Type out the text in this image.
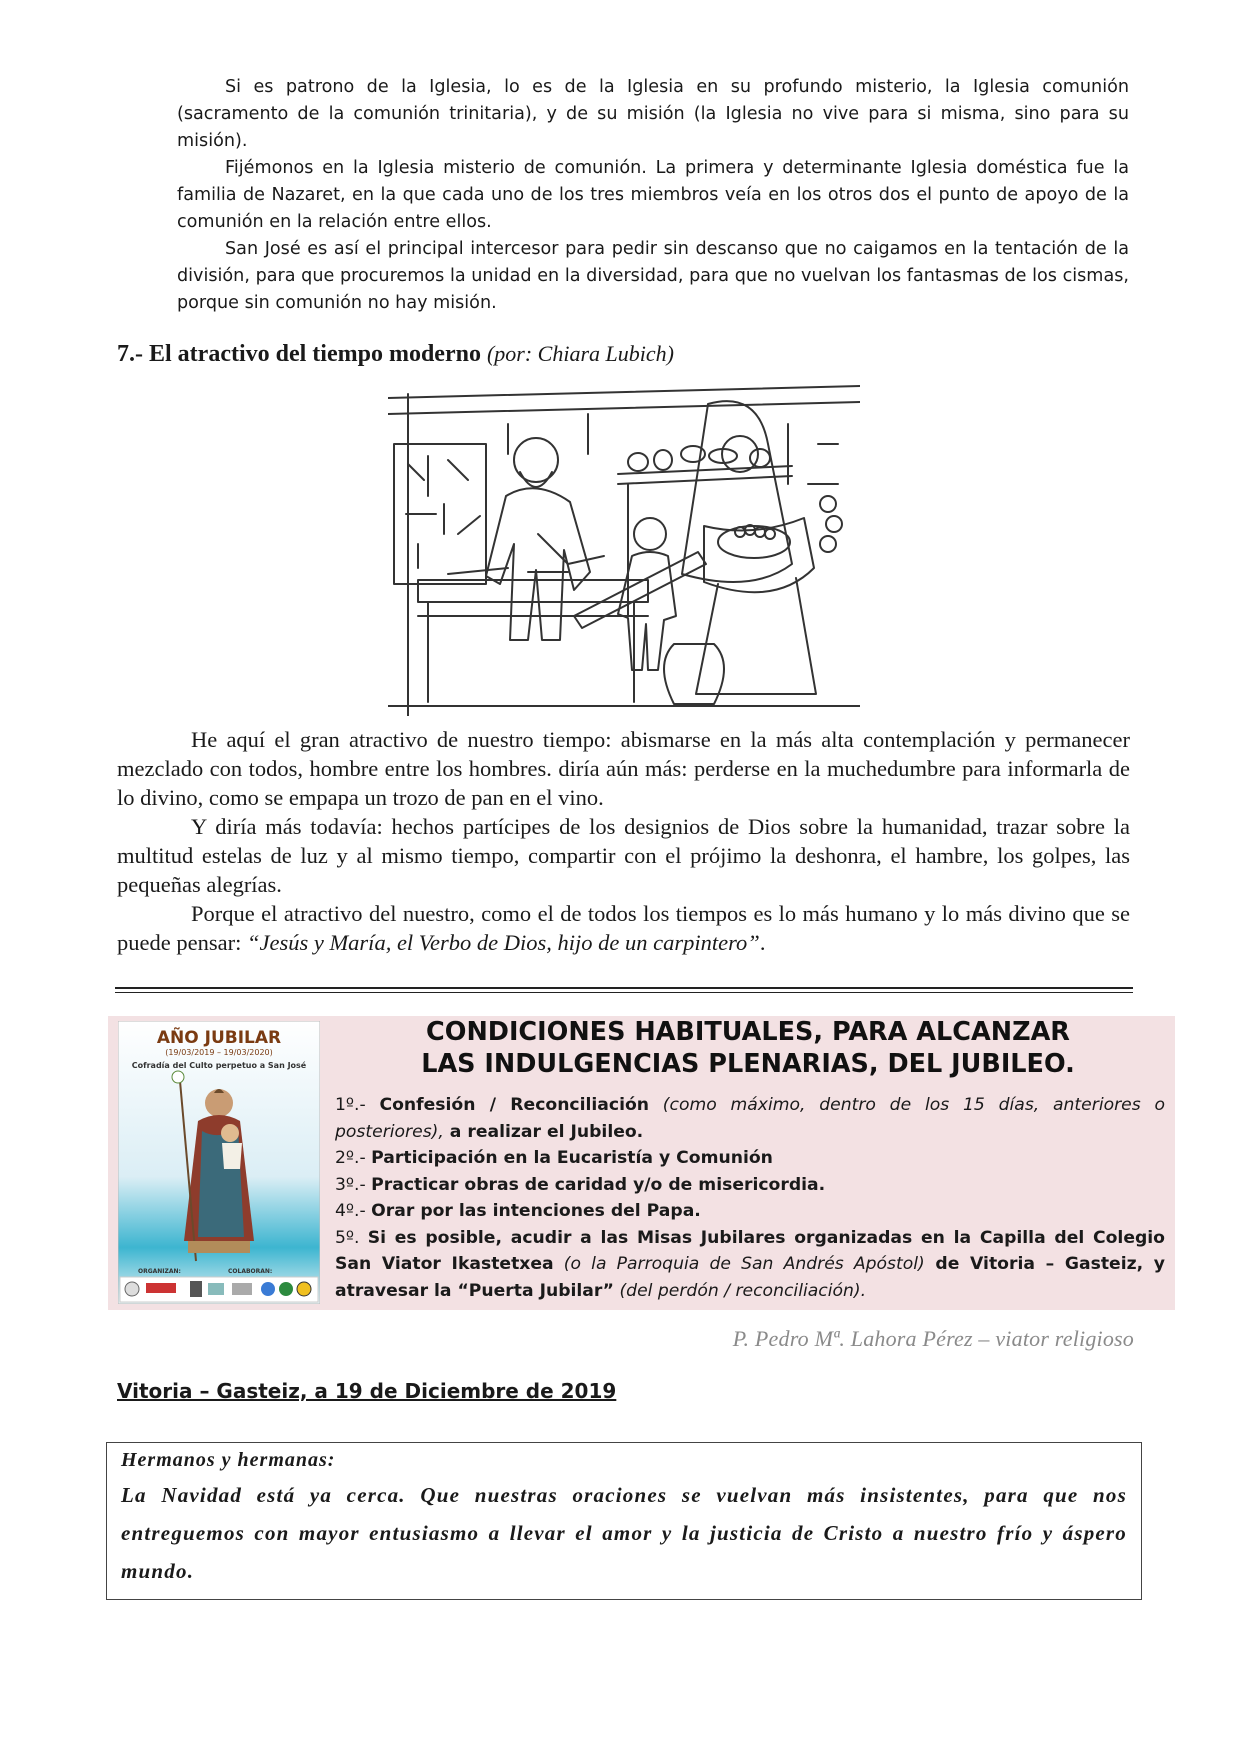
Si es patrono de la Iglesia, lo es de la Iglesia en su profundo misterio, la Iglesia comunión (sacramento de la comunión trinitaria), y de su misión (la Iglesia no vive para si misma, sino para su misión).

Fijémonos en la Iglesia misterio de comunión. La primera y determinante Iglesia doméstica fue la familia de Nazaret, en la que cada uno de los tres miembros veía en los otros dos el punto de apoyo de la comunión en la relación entre ellos.

San José es así el principal intercesor para pedir sin descanso que no caigamos en la tentación de la división, para que procuremos la unidad en la diversidad, para que no vuelvan los fantasmas de los cismas, porque sin comunión no hay misión.

7.- El atractivo del tiempo moderno (por: Chiara Lubich)

He aquí el gran atractivo de nuestro tiempo: abismarse en la más alta contemplación y permanecer mezclado con todos, hombre entre los hombres. diría aún más: perderse en la muchedumbre para informarla de lo divino, como se empapa un trozo de pan en el vino.

Y diría más todavía: hechos partícipes de los designios de Dios sobre la humanidad, trazar sobre la multitud estelas de luz y al mismo tiempo, compartir con el prójimo la deshonra, el hambre, los golpes, las pequeñas alegrías.

Porque el atractivo del nuestro, como el de todos los tiempos es lo más humano y lo más divino que se puede pensar: “Jesús y María, el Verbo de Dios, hijo de un carpintero”.

AÑO JUBILAR
(19/03/2019 – 19/03/2020)
Cofradía del Culto perpetuo a San José
ORGANIZAN:	COLABORAN:
CONDICIONES HABITUALES, PARA ALCANZAR
LAS INDULGENCIAS PLENARIAS, DEL JUBILEO.

1º.- Confesión / Reconciliación (como máximo, dentro de los 15 días, anteriores o posteriores), a realizar el Jubileo.

2º.- Participación en la Eucaristía y Comunión

3º.- Practicar obras de caridad y/o de misericordia.

4º.- Orar por las intenciones del Papa.

5º. Si es posible, acudir a las Misas Jubilares organizadas en la Capilla del Colegio San Viator Ikastetxea (o la Parroquia de San Andrés Apóstol) de Vitoria – Gasteiz, y atravesar la “Puerta Jubilar” (del perdón / reconciliación).

P. Pedro Mª. Lahora Pérez – viator religioso
Vitoria – Gasteiz, a 19 de Diciembre de 2019

Hermanos y hermanas:

La Navidad está ya cerca. Que nuestras oraciones se vuelvan más insistentes, para que nos entreguemos con mayor entusiasmo a llevar el amor y la justicia de Cristo a nuestro frío y áspero mundo.
